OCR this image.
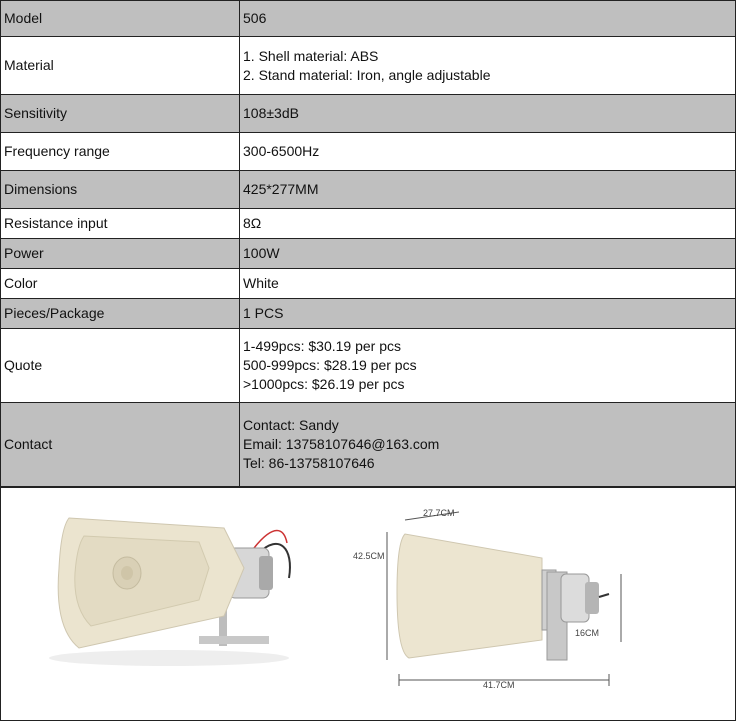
Model	506

Material	1. Shell material: ABS
2. Stand material: Iron, angle adjustable

Sensitivity	108±3dB

Frequency range	300-6500Hz

Dimensions	425*277MM

Resistance input	8Ω

Power	100W

Color	White

Pieces/Package	1 PCS

Quote	1-499pcs: $30.19 per pcs
500-999pcs: $28.19 per pcs
>1000pcs: $26.19 per pcs

Contact	Contact: Sandy
Email: 13758107646@163.com
Tel: 86-13758107646
27.7CM
42.5CM
16CM
41.7CM
